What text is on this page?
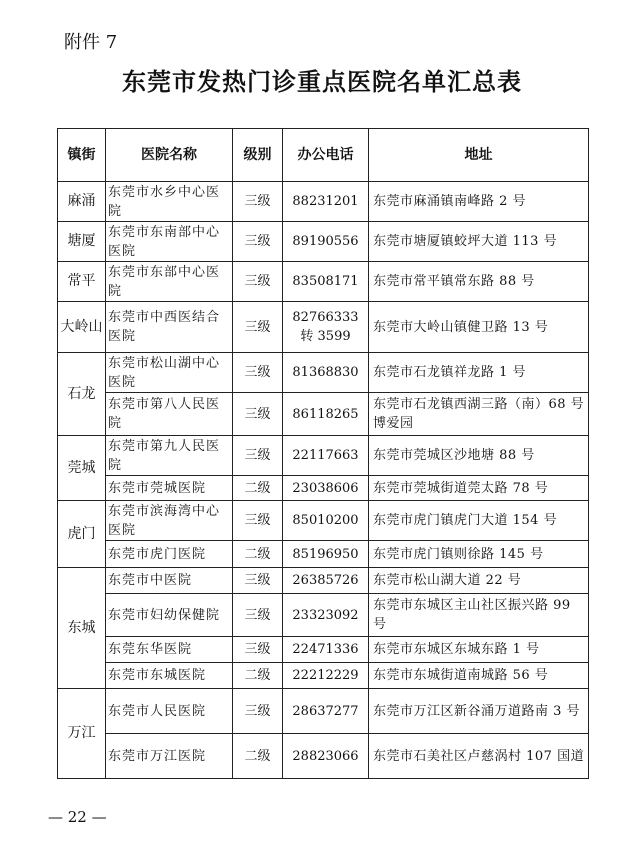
附件 7
东莞市发热门诊重点医院名单汇总表
镇街	医院名称	级别	办公电话	地址
麻涌	东莞市水乡中心医院	三级	88231201	东莞市麻涌镇南峰路 2 号
塘厦	东莞市东南部中心医院	三级	89190556	东莞市塘厦镇蛟坪大道 113 号
常平	东莞市东部中心医院	三级	83508171	东莞市常平镇常东路 88 号
大岭山	东莞市中西医结合医院	三级	82766333 转 3599	东莞市大岭山镇健卫路 13 号
石龙	东莞市松山湖中心医院	三级	81368830	东莞市石龙镇祥龙路 1 号
	东莞市第八人民医院	三级	86118265	东莞市石龙镇西湖三路（南）68 号博爱园
莞城	东莞市第九人民医院	三级	22117663	东莞市莞城区沙地塘 88 号
	东莞市莞城医院	二级	23038606	东莞市莞城街道莞太路 78 号
虎门	东莞市滨海湾中心医院	三级	85010200	东莞市虎门镇虎门大道 154 号
	东莞市虎门医院	二级	85196950	东莞市虎门镇则徐路 145 号
东城	东莞市中医院	三级	26385726	东莞市松山湖大道 22 号
	东莞市妇幼保健院	三级	23323092	东莞市东城区主山社区振兴路 99 号
	东莞东华医院	三级	22471336	东莞市东城区东城东路 1 号
	东莞市东城医院	二级	22212229	东莞市东城街道南城路 56 号
万江	东莞市人民医院	三级	28637277	东莞市万江区新谷涌万道路南 3 号
	东莞市万江医院	二级	28823066	东莞市石美社区卢慈涡村 107 国道
— 22 —
